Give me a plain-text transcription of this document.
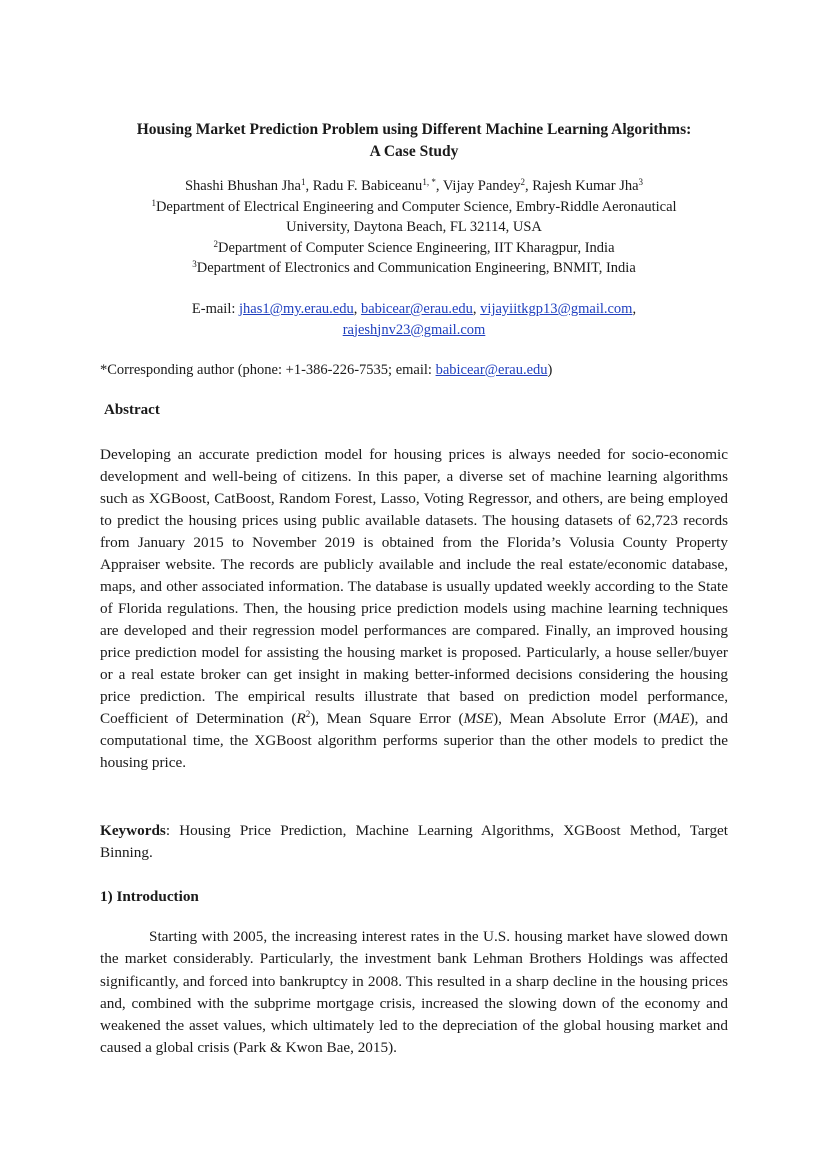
Housing Market Prediction Problem using Different Machine Learning Algorithms:
A Case Study
Shashi Bhushan Jha$^1$, Radu F. Babiceanu$^{1, *}$, Vijay Pandey$^2$, Rajesh Kumar Jha$^3$
$^1$Department of Electrical Engineering and Computer Science, Embry-Riddle Aeronautical
University, Daytona Beach, FL 32114, USA
$^2$Department of Computer Science Engineering, IIT Kharagpur, India
$^3$Department of Electronics and Communication Engineering, BNMIT, India
E-mail: jhas1@my.erau.edu, babicear@erau.edu, vijayiitkgp13@gmail.com,
rajeshjnv23@gmail.com
*Corresponding author (phone: +1-386-226-7535; email: babicear@erau.edu)
Abstract

Developing an accurate prediction model for housing prices is always needed for socio-economic development and well-being of citizens. In this paper, a diverse set of machine learning algorithms such as XGBoost, CatBoost, Random Forest, Lasso, Voting Regressor, and others, are being employed to predict the housing prices using public available datasets. The housing datasets of 62,723 records from January 2015 to November 2019 is obtained from the Florida’s Volusia County Property Appraiser website. The records are publicly available and include the real estate/economic database, maps, and other associated information. The database is usually updated weekly according to the State of Florida regulations. Then, the housing price prediction models using machine learning techniques are developed and their regression model performances are compared. Finally, an improved housing price prediction model for assisting the housing market is proposed. Particularly, a house seller/buyer or a real estate broker can get insight in making better-informed decisions considering the housing price prediction. The empirical results illustrate that based on prediction model performance, Coefficient of Determination $(R^2)$, Mean Square Error (MSE), Mean Absolute Error (MAE), and computational time, the XGBoost algorithm performs superior than the other models to predict the housing price.

Keywords: Housing Price Prediction, Machine Learning Algorithms, XGBoost Method, Target Binning.

1) Introduction

Starting with 2005, the increasing interest rates in the U.S. housing market have slowed down the market considerably. Particularly, the investment bank Lehman Brothers Holdings was affected significantly, and forced into bankruptcy in 2008. This resulted in a sharp decline in the housing prices and, combined with the subprime mortgage crisis, increased the slowing down of the economy and weakened the asset values, which ultimately led to the depreciation of the global housing market and caused a global crisis (Park & Kwon Bae, 2015).
